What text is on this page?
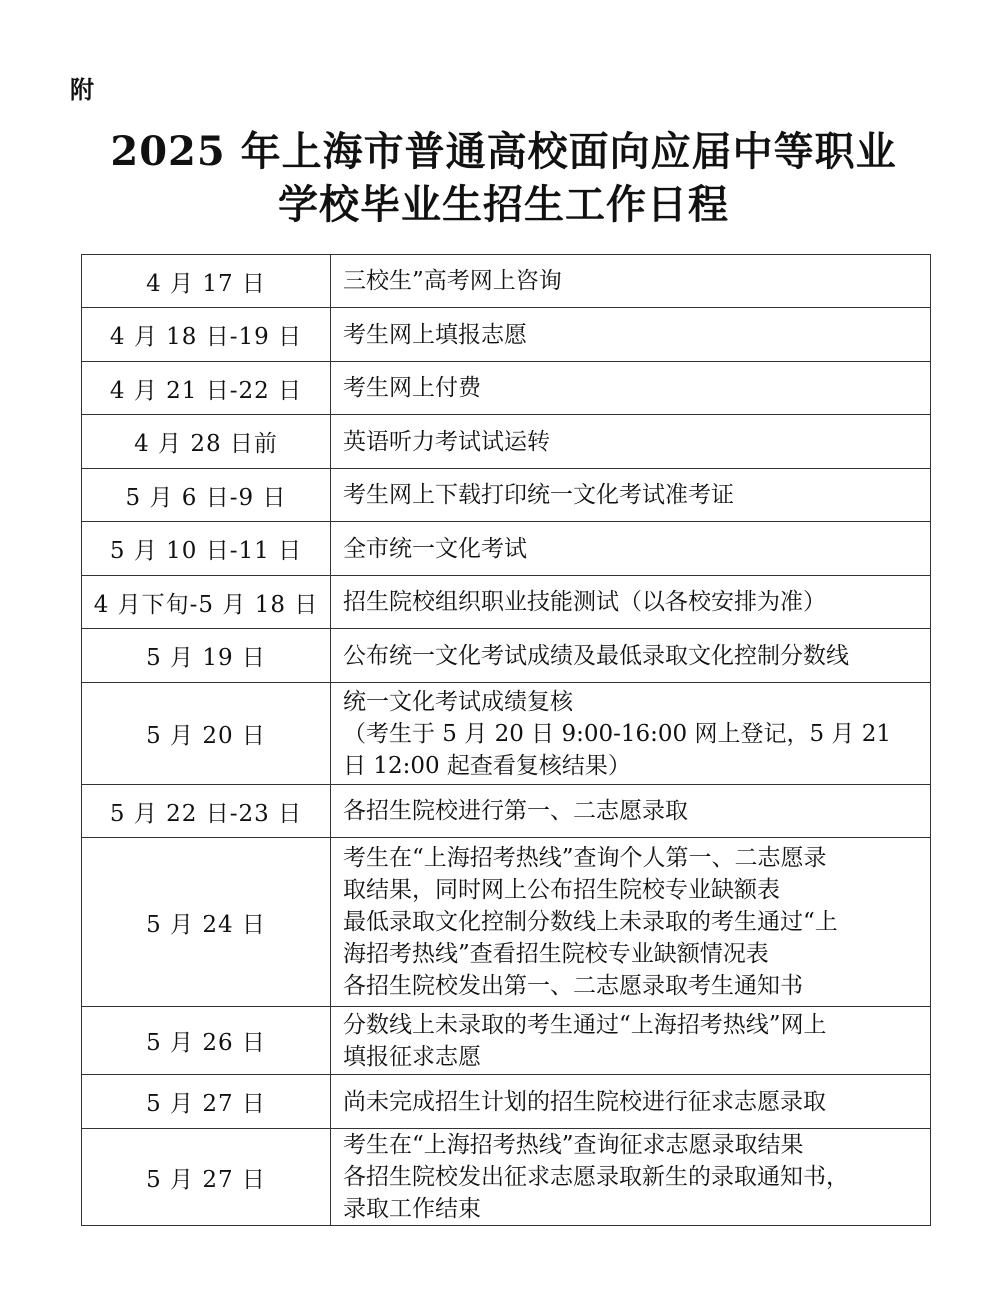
附
2025 年上海市普通高校面向应届中等职业
学校毕业生招生工作日程
4 月 17 日	三校生”高考网上咨询

4 月 18 日-19 日	考生网上填报志愿

4 月 21 日-22 日	考生网上付费

4 月 28 日前	英语听力考试试运转

5 月 6 日-9 日	考生网上下载打印统一文化考试准考证

5 月 10 日-11 日	全市统一文化考试

4 月下旬-5 月 18 日	招生院校组织职业技能测试（以各校安排为准）

5 月 19 日	公布统一文化考试成绩及最低录取文化控制分数线

5 月 20 日	统一文化考试成绩复核
（考生于 5 月 20 日 9:00-16:00 网上登记，5 月 21
日 12:00 起查看复核结果）

5 月 22 日-23 日	各招生院校进行第一、二志愿录取

5 月 24 日	考生在“上海招考热线”查询个人第一、二志愿录
取结果，同时网上公布招生院校专业缺额表
最低录取文化控制分数线上未录取的考生通过“上
海招考热线”查看招生院校专业缺额情况表
各招生院校发出第一、二志愿录取考生通知书

5 月 26 日	分数线上未录取的考生通过“上海招考热线”网上
填报征求志愿

5 月 27 日	尚未完成招生计划的招生院校进行征求志愿录取

5 月 27 日	考生在“上海招考热线”查询征求志愿录取结果
各招生院校发出征求志愿录取新生的录取通知书，
录取工作结束
